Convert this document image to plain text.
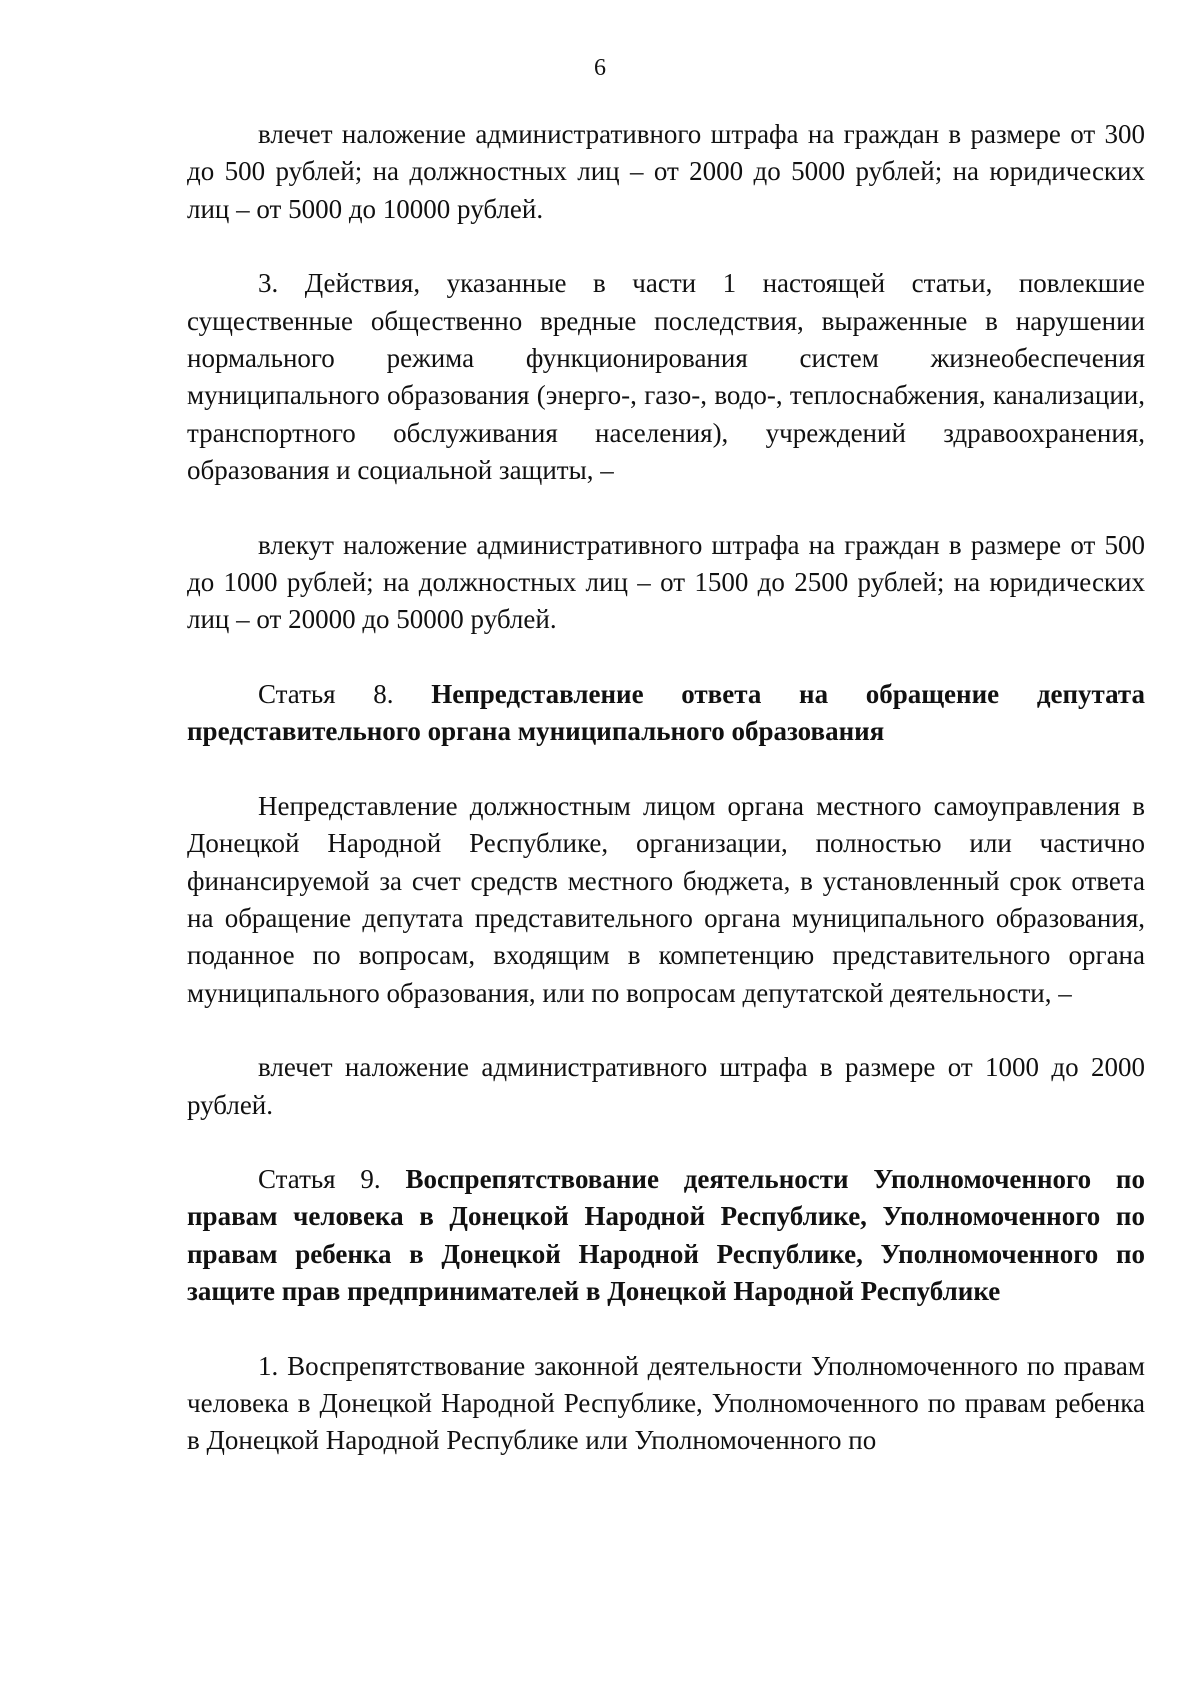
6

влечет наложение административного штрафа на граждан в размере от 300 до 500 рублей; на должностных лиц – от 2000 до 5000 рублей; на юридических лиц – от 5000 до 10000 рублей.

3. Действия, указанные в части 1 настоящей статьи, повлекшие существенные общественно вредные последствия, выраженные в нарушении нормального режима функционирования систем жизнеобеспечения муниципального образования (энерго-, газо-, водо-, теплоснабжения, канализации, транспортного обслуживания населения), учреждений здравоохранения, образования и социальной защиты, –

влекут наложение административного штрафа на граждан в размере от 500 до 1000 рублей; на должностных лиц – от 1500 до 2500 рублей; на юридических лиц – от 20000 до 50000 рублей.

Статья 8. Непредставление ответа на обращение депутата представительного органа муниципального образования

Непредставление должностным лицом органа местного самоуправления в Донецкой Народной Республике, организации, полностью или частично финансируемой за счет средств местного бюджета, в установленный срок ответа на обращение депутата представительного органа муниципального образования, поданное по вопросам, входящим в компетенцию представительного органа муниципального образования, или по вопросам депутатской деятельности, –

влечет наложение административного штрафа в размере от 1000 до 2000 рублей.

Статья 9. Воспрепятствование деятельности Уполномоченного по правам человека в Донецкой Народной Республике, Уполномоченного по правам ребенка в Донецкой Народной Республике, Уполномоченного по защите прав предпринимателей в Донецкой Народной Республике

1. Воспрепятствование законной деятельности Уполномоченного по правам человека в Донецкой Народной Республике, Уполномоченного по правам ребенка в Донецкой Народной Республике или Уполномоченного по
